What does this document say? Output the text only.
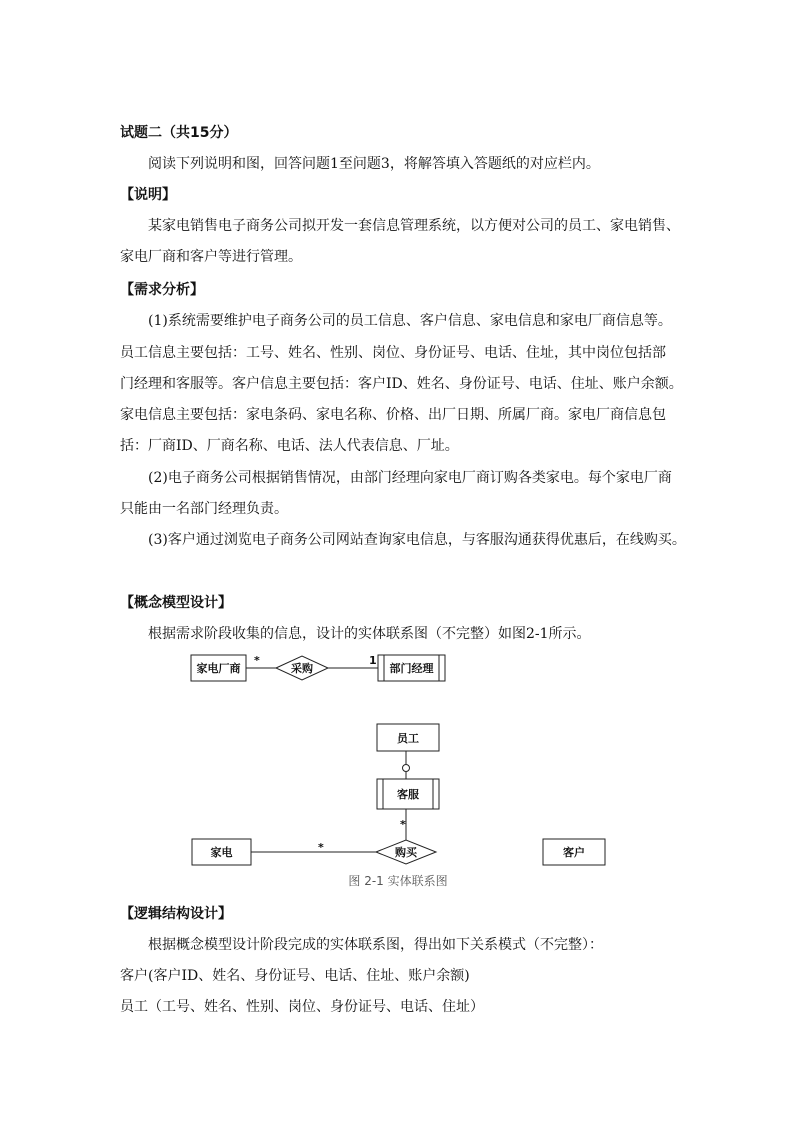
试题二（共15分）
阅读下列说明和图，回答问题1至问题3，将解答填入答题纸的对应栏内。
【说明】
某家电销售电子商务公司拟开发一套信息管理系统，以方便对公司的员工、家电销售、
家电厂商和客户等进行管理。
【需求分析】
(1)系统需要维护电子商务公司的员工信息、客户信息、家电信息和家电厂商信息等。
员工信息主要包括：工号、姓名、性别、岗位、身份证号、电话、住址，其中岗位包括部
门经理和客服等。客户信息主要包括：客户ID、姓名、身份证号、电话、住址、账户余额。
家电信息主要包括：家电条码、家电名称、价格、出厂日期、所属厂商。家电厂商信息包
括：厂商ID、厂商名称、电话、法人代表信息、厂址。
(2)电子商务公司根据销售情况，由部门经理向家电厂商订购各类家电。每个家电厂商
只能由一名部门经理负责。
(3)客户通过浏览电子商务公司网站查询家电信息，与客服沟通获得优惠后，在线购买。
【概念模型设计】
根据需求阶段收集的信息，设计的实体联系图（不完整）如图2-1所示。
家电厂商	采购	部门经理
员工
客服
购买
家电	客户
*	1
*
*
图 2-1 实体联系图
【逻辑结构设计】
根据概念模型设计阶段完成的实体联系图，得出如下关系模式（不完整）：
客户(客户ID、姓名、身份证号、电话、住址、账户余额)
员工（工号、姓名、性别、岗位、身份证号、电话、住址）
